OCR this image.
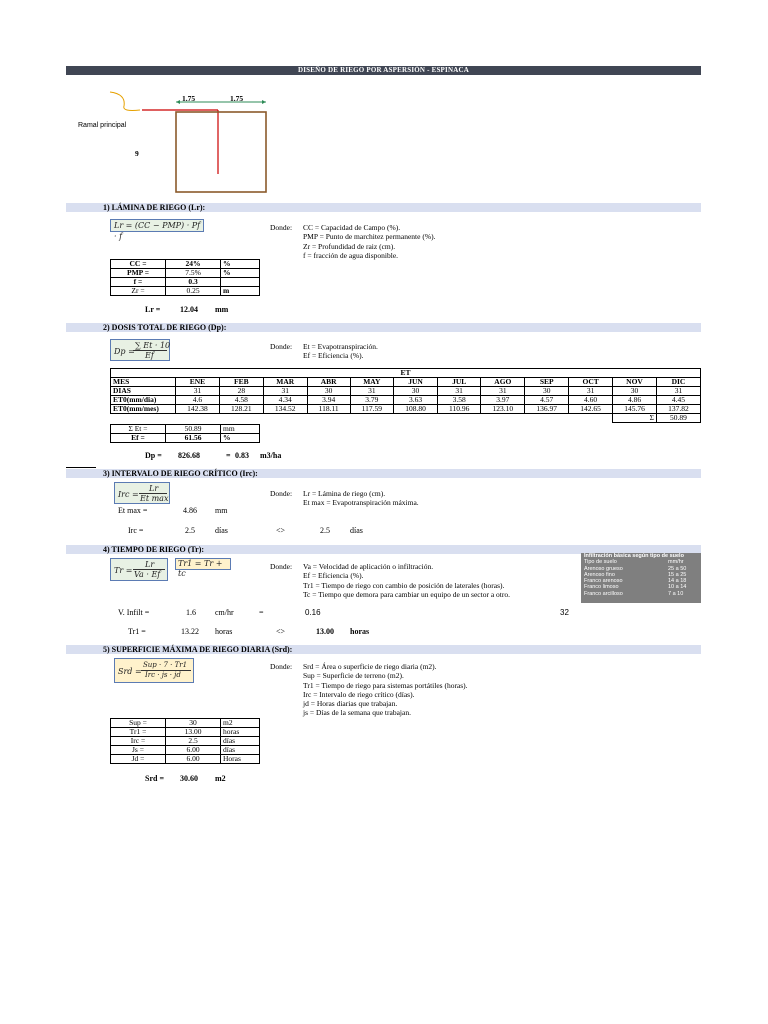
DISEÑO DE RIEGO POR ASPERSIÓN - ESPINACA
1.75	1.75
9
Ramal principal
1) LÁMINA DE RIEGO (Lr):
Lr = (CC − PMP) · Pf · f
Donde: CC = Capacidad de Campo (%).
PMP = Punto de marchitez permanente (%).
Zr = Profundidad de raiz (cm).
f = fracción de agua disponible.
CC =	24%	%
PMP =	7.5%	%
f =	0.3	
Zr =	0.25	m
Lr = 12.04 mm
2) DOSIS TOTAL DE RIEGO (Dp):
Dp =
∑ Et · 10
Ef
Donde: Et = Evapotranspiración.
Ef = Eficiencia (%).
ET												
MES	ENE	FEB	MAR	ABR	MAY	JUN	JUL	AGO	SEP	OCT	NOV	DIC
DIAS	31	28	31	30	31	30	31	31	30	31	30	31
ET0(mm/dia)	4.6	4.58	4.34	3.94	3.79	3.63	3.58	3.97	4.57	4.60	4.86	4.45
ET0(mm/mes)	142.38	128.21	134.52	118.11	117.59	108.80	110.96	123.10	136.97	142.65	145.76	137.82
											Σ	50.89
Σ Et =	50.89	mm
Ef =	61.56	%
Dp = 826.68	= 0.83 m3/ha
3) INTERVALO DE RIEGO CRÍTICO (Irc):
Irc =
Lr
Et max
Donde: Lr = Lámina de riego (cm).
Et max = Evapotranspiración máxima.
Et max =	4.86 mm
Irc =	2.5	días	<>	2.5	días
4) TIEMPO DE RIEGO (Tr):
Tr =
Lr
Va · Ef
Tr1 = Tr + tc
Donde: Va = Velocidad de aplicación o infiltración.
Ef = Eficiencia (%).
Tr1 = Tiempo de riego con cambio de posición de laterales (horas).
Tc = Tiempo que demora para cambiar un equipo de un sector a otro.
Infiltración básica según tipo de suelo
Tipo de suelo	mm/hr
Arenoso grueso	25 a 50
Arenoso fino	15 a 25
Franco arenoso	14 a 18
Franco limoso	10 a 14
Franco arcilloso	7 a 10
V. Infilt =	1.6 cm/hr	=	0.16	32
Tr1 =	13.22 horas	<>	13.00 horas
5) SUPERFICIE MÁXIMA DE RIEGO DIARIA (Srd):
Srd =
Sup · 7 · Tr1
Irc · js · jd
Donde: Srd = Área o superficie de riego diaria (m2).
Sup = Superficie de terreno (m2).
Tr1 = Tiempo de riego para sistemas portátiles (horas).
Irc = Intervalo de riego crítico (días).
jd = Horas diarias que trabajan.
js = Días de la semana que trabajan.
Sup =	30	m2
Tr1 =	13.00	horas
Irc =	2.5	días
Js =	6.00	días
Jd =	6.00	Horas
Srd = 30.60 m2
